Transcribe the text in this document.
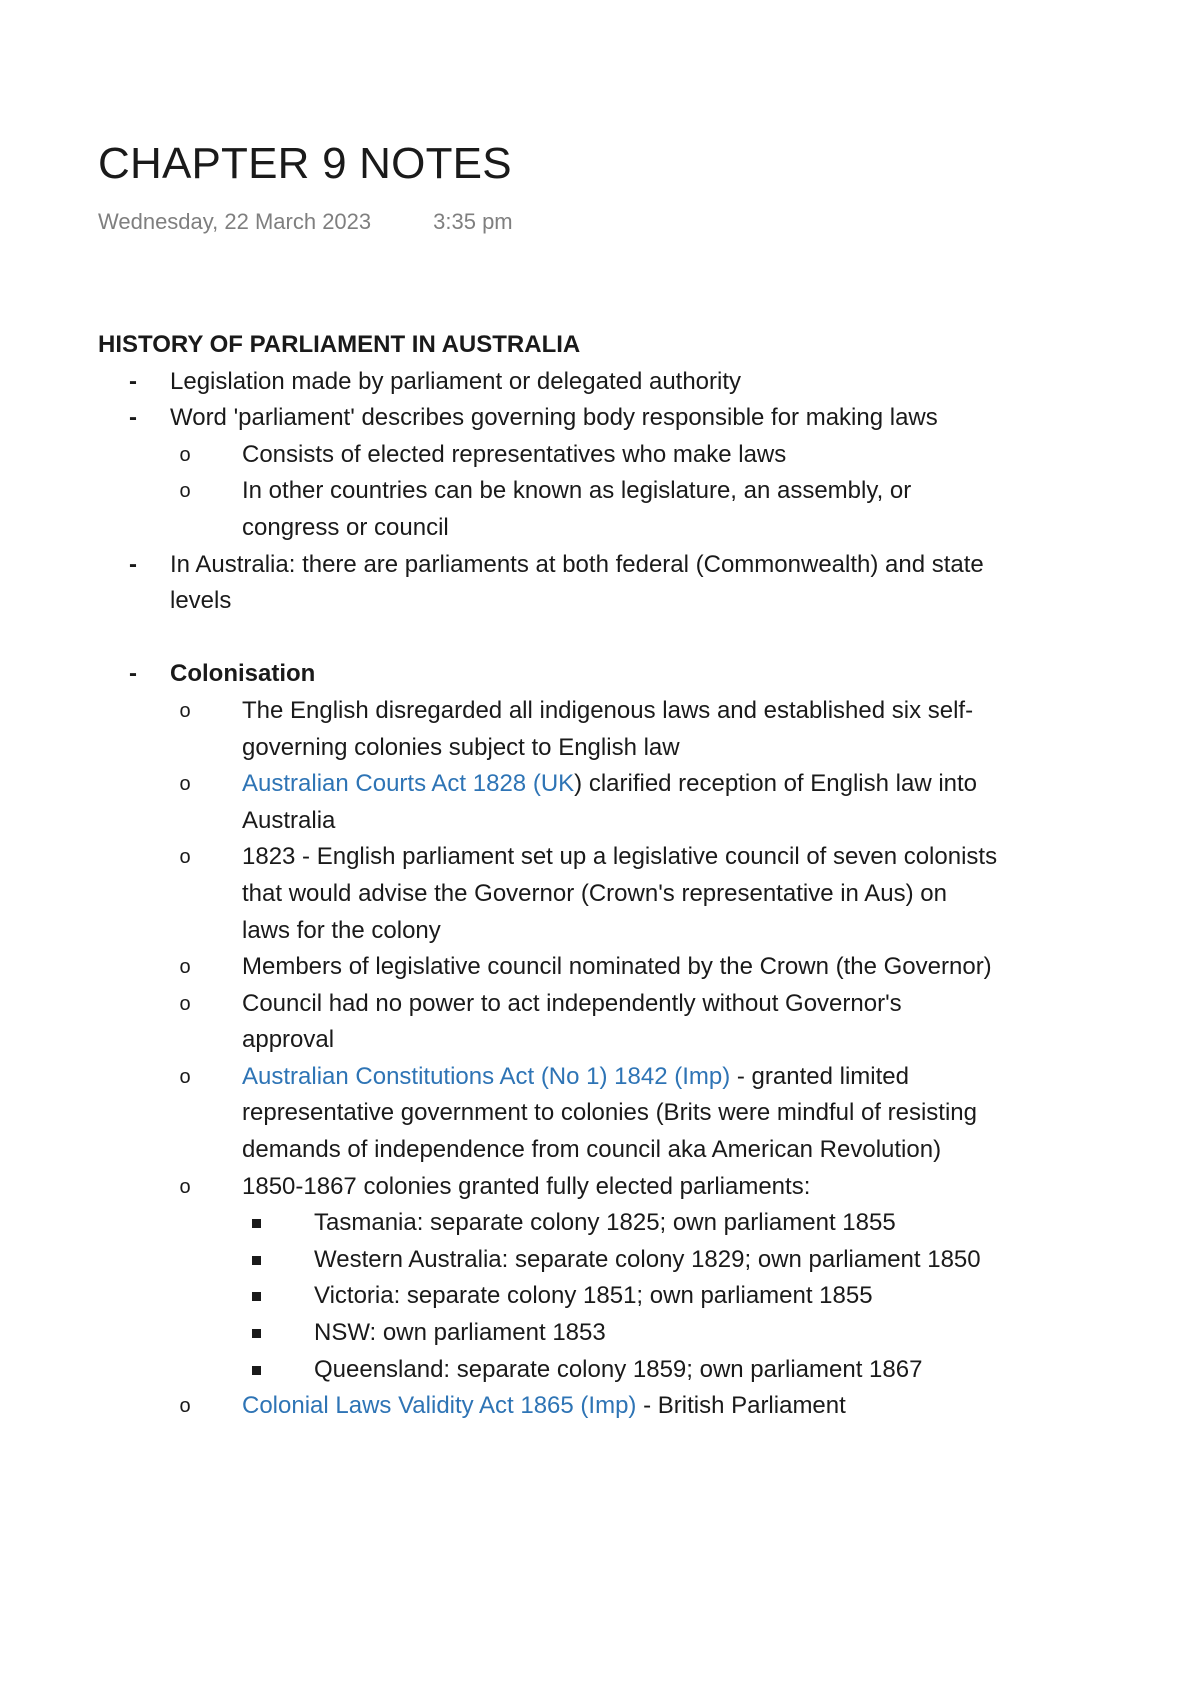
CHAPTER 9 NOTES
Wednesday, 22 March 2023	3:35 pm

HISTORY OF PARLIAMENT IN AUSTRALIA

- Legislation made by parliament or delegated authority
- Word 'parliament' describes governing body responsible for making laws
o	Consists of elected representatives who make laws
o	In other countries can be known as legislature, an assembly, or congress or council
- In Australia: there are parliaments at both federal (Commonwealth) and state levels
- Colonisation
o	The English disregarded all indigenous laws and established six self-governing colonies subject to English law
o	Australian Courts Act 1828 (UK) clarified reception of English law into Australia
o	1823 - English parliament set up a legislative council of seven colonists that would advise the Governor (Crown's representative in Aus) on laws for the colony
o	Members of legislative council nominated by the Crown (the Governor)
o	Council had no power to act independently without Governor's approval
o	Australian Constitutions Act (No 1) 1842 (Imp) - granted limited representative government to colonies (Brits were mindful of resisting demands of independence from council aka American Revolution)
o	1850-1867 colonies granted fully elected parliaments:
Tasmania: separate colony 1825; own parliament 1855
Western Australia: separate colony 1829; own parliament 1850
Victoria: separate colony 1851; own parliament 1855
NSW: own parliament 1853
Queensland: separate colony 1859; own parliament 1867
o	Colonial Laws Validity Act 1865 (Imp) - British Parliament
